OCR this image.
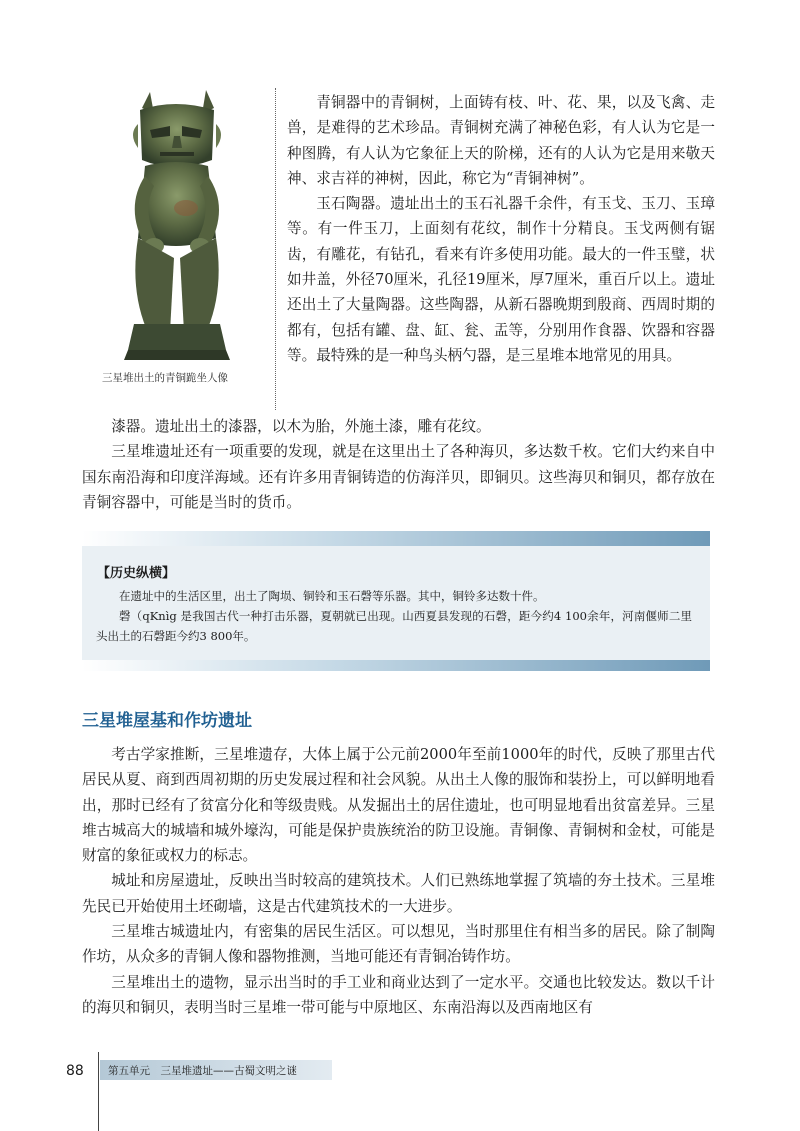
三星堆出土的青铜跪坐人像

青铜器中的青铜树，上面铸有枝、叶、花、果，以及飞禽、走兽，是难得的艺术珍品。青铜树充满了神秘色彩，有人认为它是一种图腾，有人认为它象征上天的阶梯，还有的人认为它是用来敬天神、求吉祥的神树，因此，称它为“青铜神树”。

玉石陶器。遗址出土的玉石礼器千余件，有玉戈、玉刀、玉璋等。有一件玉刀，上面刻有花纹，制作十分精良。玉戈两侧有锯齿，有雕花，有钻孔，看来有许多使用功能。最大的一件玉璧，状如井盖，外径70厘米，孔径19厘米，厚7厘米，重百斤以上。遗址还出土了大量陶器。这些陶器，从新石器晚期到殷商、西周时期的都有，包括有罐、盘、缸、瓮、盂等，分别用作食器、饮器和容器等。最特殊的是一种鸟头柄勺器，是三星堆本地常见的用具。

漆器。遗址出土的漆器，以木为胎，外施土漆，雕有花纹。

三星堆遗址还有一项重要的发现，就是在这里出土了各种海贝，多达数千枚。它们大约来自中国东南沿海和印度洋海域。还有许多用青铜铸造的仿海洋贝，即铜贝。这些海贝和铜贝，都存放在青铜容器中，可能是当时的货币。

【历史纵横】

在遗址中的生活区里，出土了陶埙、铜铃和玉石磬等乐器。其中，铜铃多达数十件。

磬（qKnìg 是我国古代一种打击乐器，夏朝就已出现。山西夏县发现的石磬，距今约4 100余年，河南偃师二里头出土的石磬距今约3 800年。

三星堆屋基和作坊遗址

考古学家推断，三星堆遗存，大体上属于公元前2000年至前1000年的时代，反映了那里古代居民从夏、商到西周初期的历史发展过程和社会风貌。从出土人像的服饰和装扮上，可以鲜明地看出，那时已经有了贫富分化和等级贵贱。从发掘出土的居住遗址，也可明显地看出贫富差异。三星堆古城高大的城墙和城外壕沟，可能是保护贵族统治的防卫设施。青铜像、青铜树和金杖，可能是财富的象征或权力的标志。

城址和房屋遗址，反映出当时较高的建筑技术。人们已熟练地掌握了筑墙的夯土技术。三星堆先民已开始使用土坯砌墙，这是古代建筑技术的一大进步。

三星堆古城遗址内，有密集的居民生活区。可以想见，当时那里住有相当多的居民。除了制陶作坊，从众多的青铜人像和器物推测，当地可能还有青铜冶铸作坊。

三星堆出土的遗物，显示出当时的手工业和商业达到了一定水平。交通也比较发达。数以千计的海贝和铜贝，表明当时三星堆一带可能与中原地区、东南沿海以及西南地区有

88 第五单元　三星堆遗址——古蜀文明之谜
